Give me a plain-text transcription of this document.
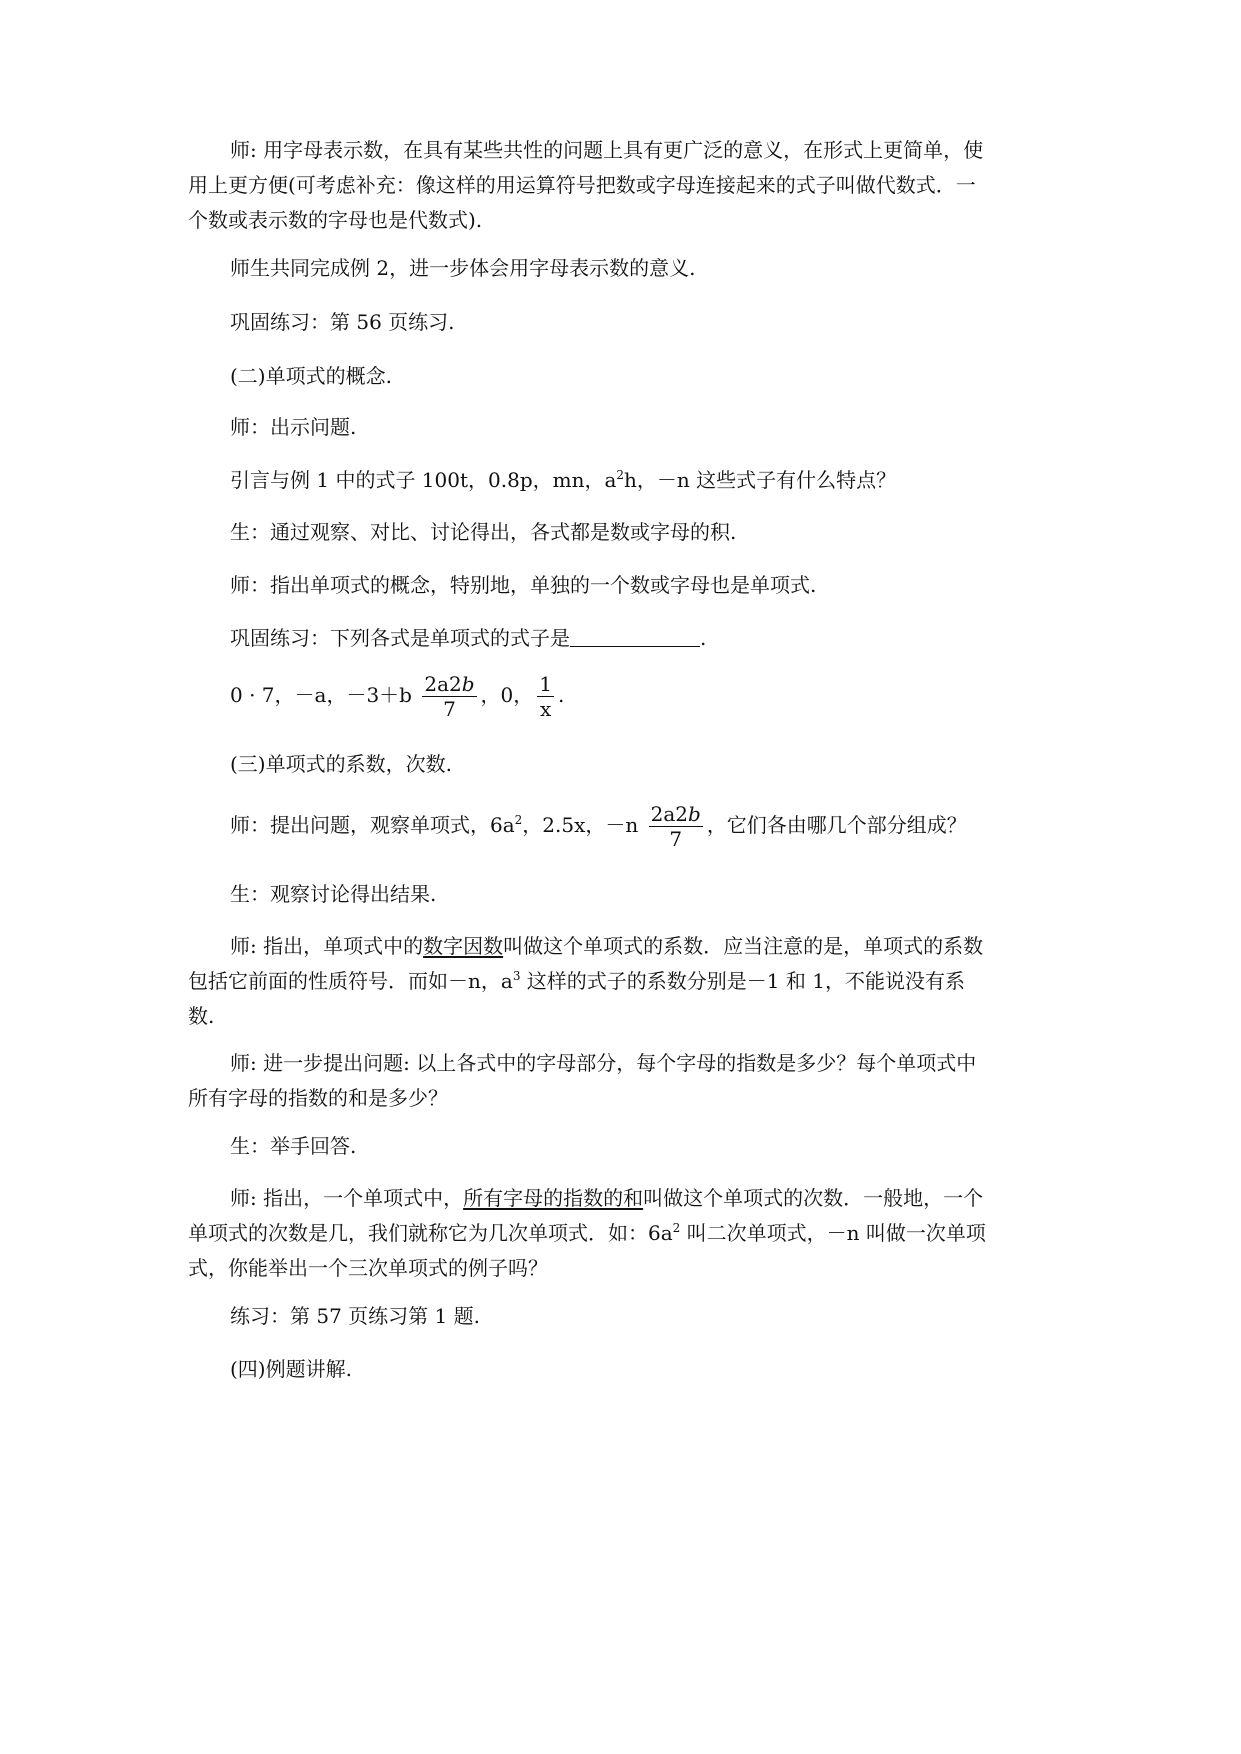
师: 用字母表示数，在具有某些共性的问题上具有更广泛的意义，在形式上更简单，使
用上更方便(可考虑补充：像这样的用运算符号把数或字母连接起来的式子叫做代数式．一
个数或表示数的字母也是代数式).

师生共同完成例 2，进一步体会用字母表示数的意义.

巩固练习：第 56 页练习.

(二)单项式的概念.

师：出示问题.

引言与例 1 中的式子 100t，0.8p，mn，$a^2h$，－n 这些式子有什么特点？

生：通过观察、对比、讨论得出，各式都是数或字母的积.

师：指出单项式的概念，特别地，单独的一个数或字母也是单项式.

巩固练习：下列各式是单项式的式子是	.

0 · 7，－a，$-3+b \frac{2a2b}{7}$ ，0， $\frac{1}{x}$ .

(三)单项式的系数，次数.

师：提出问题，观察单项式，$6a^2$，2.5x，$-n \frac{2a2b}{7}$ ，它们各由哪几个部分组成？

生：观察讨论得出结果.

师: 指出，单项式中的数字因数叫做这个单项式的系数．应当注意的是，单项式的系数
包括它前面的性质符号．而如－n，$a^3$ 这样的式子的系数分别是－1 和 1，不能说没有系
数.
师: 进一步提出问题: 以上各式中的字母部分，每个字母的指数是多少？每个单项式中
所有字母的指数的和是多少？

生：举手回答.

师: 指出，一个单项式中，所有字母的指数的和叫做这个单项式的次数．一般地，一个
单项式的次数是几，我们就称它为几次单项式．如：$6a^2$ 叫二次单项式，－n 叫做一次单项
式，你能举出一个三次单项式的例子吗？

练习：第 57 页练习第 1 题.

(四)例题讲解.
